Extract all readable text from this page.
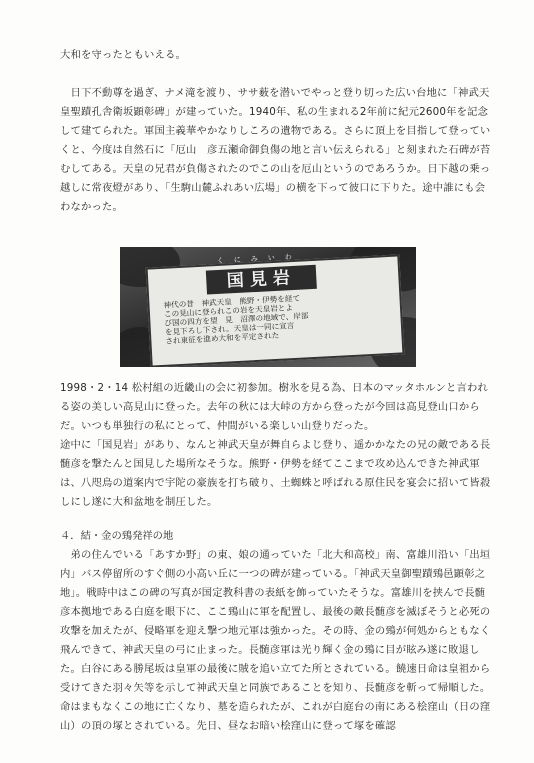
大和を守ったともいえる。

　日下不動尊を過ぎ、ナメ滝を渡り、ササ薮を潜いでやっと登り切った広い台地に「神武天皇聖蹟孔舎衛坂顕彰碑」が建っていた。1940年、私の生まれる2年前に紀元2600年を記念して建てられた。軍国主義華やかなりしころの遺物である。さらに頂上を目指して登っていくと、今度は自然石に「厄山　彦五瀬命御負傷の地と言い伝えられる」と刻まれた石碑が苔むしてある。天皇の兄君が負傷されたのでこの山を厄山というのであろうか。日下越の乗っ越しに常夜燈があり、「生駒山麓ふれあい広場」の横を下って彼口に下りた。途中誰にも会わなかった。

くにみいわ
国見岩

神代の昔　神武天皇　熊野・伊勢を経て
この見山に登られこの岩を天皇岩とよ
び国の四方を望　見　沼澤の地域で、岸部
を見下ろし下され。天皇は一同に宣言
され東征を進め大和を平定された

1998・2・14 松村組の近畿山の会に初参加。樹氷を見る為、日本のマッタホルンと言われる姿の美しい高見山に登った。去年の秋には大峠の方から登ったが今回は高見登山口からだ。いつも単独行の私にとって、仲間がいる楽しい山登りだった。
途中に「国見岩」があり、なんと神武天皇が舞自らよじ登り、遥かかなたの兄の敵である長髄彦を撃たんと国見した場所なそうな。熊野・伊勢を経てここまで攻め込んできた神武軍は、八咫烏の道案内で宇陀の豪族を打ち破り、土蜘蛛と呼ばれる原住民を宴会に招いて皆殺しにし遂に大和盆地を制圧した。

４．結・金の鵄発祥の地

　弟の住んでいる「あすか野」の東、娘の通っていた「北大和高校」南、富雄川沿い「出垣内」バス停留所のすぐ側の小高い丘に一つの碑が建っている。「神武天皇御聖蹟鵄邑顕彰之地」。戦時中はこの碑の写真が国定教科書の表紙を飾っていたそうな。富雄川を挟んで長髄彦本拠地である白庭を眼下に、ここ鵄山に軍を配置し、最後の敵長髄彦を滅ぼそうと必死の攻撃を加えたが、侵略軍を迎え撃つ地元軍は強かった。その時、金の鵄が何処からともなく飛んできて、神武天皇の弓に止まった。長髄彦軍は光り輝く金の鵄に目が眩み遂に敗退した。白谷にある勝尾坂は皇軍の最後に賊を追い立てた所とされている。饒速日命は皇祖から受けてきた羽々矢等を示して神武天皇と同族であることを知り、長髄彦を斬って帰順した。命はまもなくこの地に亡くなり、墓を造られたが、これが白庭台の南にある桧窪山（日の窪山）の頂の塚とされている。先日、昼なお暗い桧窪山に登って塚を確認
